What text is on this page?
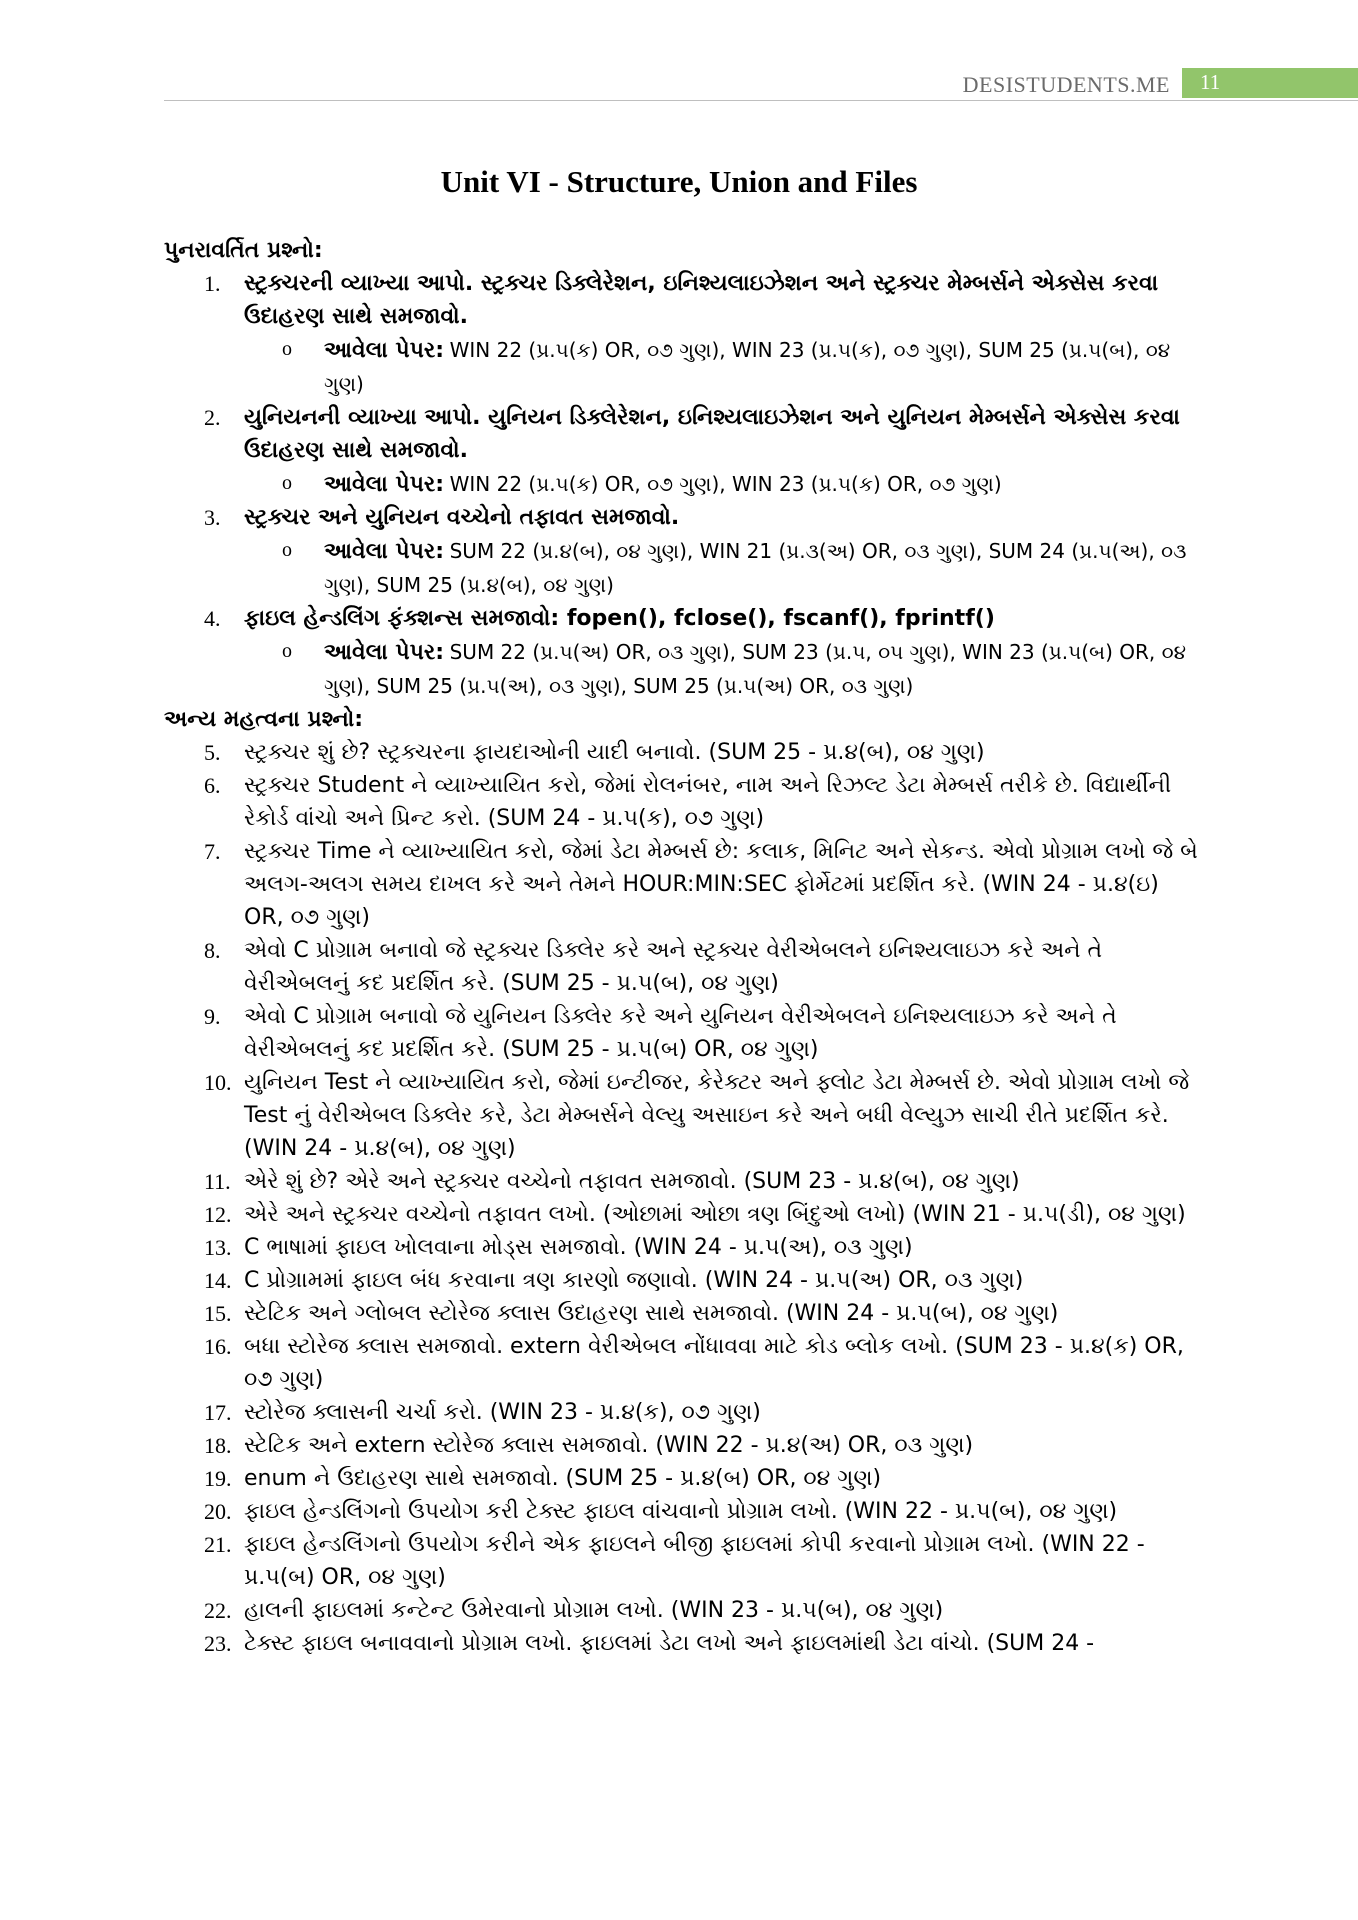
DESISTUDENTS.ME 11
Unit VI - Structure, Union and Files

પુનરાવર્તિત પ્રશ્નો:

1. સ્ટ્રક્ચરની વ્યાખ્યા આપો. સ્ટ્રક્ચર ડિક્લેરેશન, ઇનિશ્યલાઇઝેશન અને સ્ટ્રક્ચર મેમ્બર્સને એક્સેસ કરવા ઉદાહરણ સાથે સમજાવો.
o આવેલા પેપર: WIN 22 (પ્ર.૫(ક) OR, ૦૭ ગુણ), WIN 23 (પ્ર.૫(ક), ૦૭ ગુણ), SUM 25 (પ્ર.૫(બ), ૦૪ ગુણ)
2. યુનિયનની વ્યાખ્યા આપો. યુનિયન ડિક્લેરેશન, ઇનિશ્યલાઇઝેશન અને યુનિયન મેમ્બર્સને એક્સેસ કરવા ઉદાહરણ સાથે સમજાવો.
o આવેલા પેપર: WIN 22 (પ્ર.૫(ક) OR, ૦૭ ગુણ), WIN 23 (પ્ર.૫(ક) OR, ૦૭ ગુણ)
3. સ્ટ્રક્ચર અને યુનિયન વચ્ચેનો તફાવત સમજાવો.
o આવેલા પેપર: SUM 22 (પ્ર.૪(બ), ૦૪ ગુણ), WIN 21 (પ્ર.૩(અ) OR, ૦૩ ગુણ), SUM 24 (પ્ર.૫(અ), ૦૩ ગુણ), SUM 25 (પ્ર.૪(બ), ૦૪ ગુણ)
4. ફાઇલ હેન્ડલિંગ ફંક્શન્સ સમજાવો: fopen(), fclose(), fscanf(), fprintf()
o આવેલા પેપર: SUM 22 (પ્ર.૫(અ) OR, ૦૩ ગુણ), SUM 23 (પ્ર.૫, ૦૫ ગુણ), WIN 23 (પ્ર.૫(બ) OR, ૦૪ ગુણ), SUM 25 (પ્ર.૫(અ), ૦૩ ગુણ), SUM 25 (પ્ર.૫(અ) OR, ૦૩ ગુણ)

અન્ય મહત્વના પ્રશ્નો:

5. સ્ટ્રક્ચર શું છે? સ્ટ્રક્ચરના ફાયદાઓની યાદી બનાવો. (SUM 25 - પ્ર.૪(બ), ૦૪ ગુણ)
6. સ્ટ્રક્ચર Student ને વ્યાખ્યાયિત કરો, જેમાં રોલનંબર, નામ અને રિઝલ્ટ ડેટા મેમ્બર્સ તરીકે છે. વિદ્યાર્થીની રેકોર્ડ વાંચો અને પ્રિન્ટ કરો. (SUM 24 - પ્ર.૫(ક), ૦૭ ગુણ)
7. સ્ટ્રક્ચર Time ને વ્યાખ્યાયિત કરો, જેમાં ડેટા મેમ્બર્સ છે: કલાક, મિનિટ અને સેકન્ડ. એવો પ્રોગ્રામ લખો જે બે અલગ-અલગ સમય દાખલ કરે અને તેમને HOUR:MIN:SEC ફોર્મેટમાં પ્રદર્શિત કરે. (WIN 24 - પ્ર.૪(ઇ) OR, ૦૭ ગુણ)
8. એવો C પ્રોગ્રામ બનાવો જે સ્ટ્રક્ચર ડિક્લેર કરે અને સ્ટ્રક્ચર વેરીએબલને ઇનિશ્યલાઇઝ કરે અને તે વેરીએબલનું કદ પ્રદર્શિત કરે. (SUM 25 - પ્ર.૫(બ), ૦૪ ગુણ)
9. એવો C પ્રોગ્રામ બનાવો જે યુનિયન ડિક્લેર કરે અને યુનિયન વેરીએબલને ઇનિશ્યલાઇઝ કરે અને તે વેરીએબલનું કદ પ્રદર્શિત કરે. (SUM 25 - પ્ર.૫(બ) OR, ૦૪ ગુણ)
10. યુનિયન Test ને વ્યાખ્યાયિત કરો, જેમાં ઇન્ટીજર, કેરેક્ટર અને ફ્લોટ ડેટા મેમ્બર્સ છે. એવો પ્રોગ્રામ લખો જે Test નું વેરીએબલ ડિક્લેર કરે, ડેટા મેમ્બર્સને વેલ્યુ અસાઇન કરે અને બધી વેલ્યુઝ સાચી રીતે પ્રદર્શિત કરે. (WIN 24 - પ્ર.૪(બ), ૦૪ ગુણ)
11. એરે શું છે? એરે અને સ્ટ્રક્ચર વચ્ચેનો તફાવત સમજાવો. (SUM 23 - પ્ર.૪(બ), ૦૪ ગુણ)
12. એરે અને સ્ટ્રક્ચર વચ્ચેનો તફાવત લખો. (ઓછામાં ઓછા ત્રણ બિંદુઓ લખો) (WIN 21 - પ્ર.૫(ડી), ૦૪ ગુણ)
13. C ભાષામાં ફાઇલ ખોલવાના મોડ્સ સમજાવો. (WIN 24 - પ્ર.૫(અ), ૦૩ ગુણ)
14. C પ્રોગ્રામમાં ફાઇલ બંધ કરવાના ત્રણ કારણો જણાવો. (WIN 24 - પ્ર.૫(અ) OR, ૦૩ ગુણ)
15. સ્ટેટિક અને ગ્લોબલ સ્ટોરેજ ક્લાસ ઉદાહરણ સાથે સમજાવો. (WIN 24 - પ્ર.૫(બ), ૦૪ ગુણ)
16. બધા સ્ટોરેજ ક્લાસ સમજાવો. extern વેરીએબલ નોંધાવવા માટે કોડ બ્લોક લખો. (SUM 23 - પ્ર.૪(ક) OR, ૦૭ ગુણ)
17. સ્ટોરેજ ક્લાસની ચર્ચા કરો. (WIN 23 - પ્ર.૪(ક), ૦૭ ગુણ)
18. સ્ટેટિક અને extern સ્ટોરેજ ક્લાસ સમજાવો. (WIN 22 - પ્ર.૪(અ) OR, ૦૩ ગુણ)
19. enum ને ઉદાહરણ સાથે સમજાવો. (SUM 25 - પ્ર.૪(બ) OR, ૦૪ ગુણ)
20. ફાઇલ હેન્ડલિંગનો ઉપયોગ કરી ટેક્સ્ટ ફાઇલ વાંચવાનો પ્રોગ્રામ લખો. (WIN 22 - પ્ર.૫(બ), ૦૪ ગુણ)
21. ફાઇલ હેન્ડલિંગનો ઉપયોગ કરીને એક ફાઇલને બીજી ફાઇલમાં કોપી કરવાનો પ્રોગ્રામ લખો. (WIN 22 - પ્ર.૫(બ) OR, ૦૪ ગુણ)
22. હાલની ફાઇલમાં કન્ટેન્ટ ઉમેરવાનો પ્રોગ્રામ લખો. (WIN 23 - પ્ર.૫(બ), ૦૪ ગુણ)
23. ટેક્સ્ટ ફાઇલ બનાવવાનો પ્રોગ્રામ લખો. ફાઇલમાં ડેટા લખો અને ફાઇલમાંથી ડેટા વાંચો. (SUM 24 -
